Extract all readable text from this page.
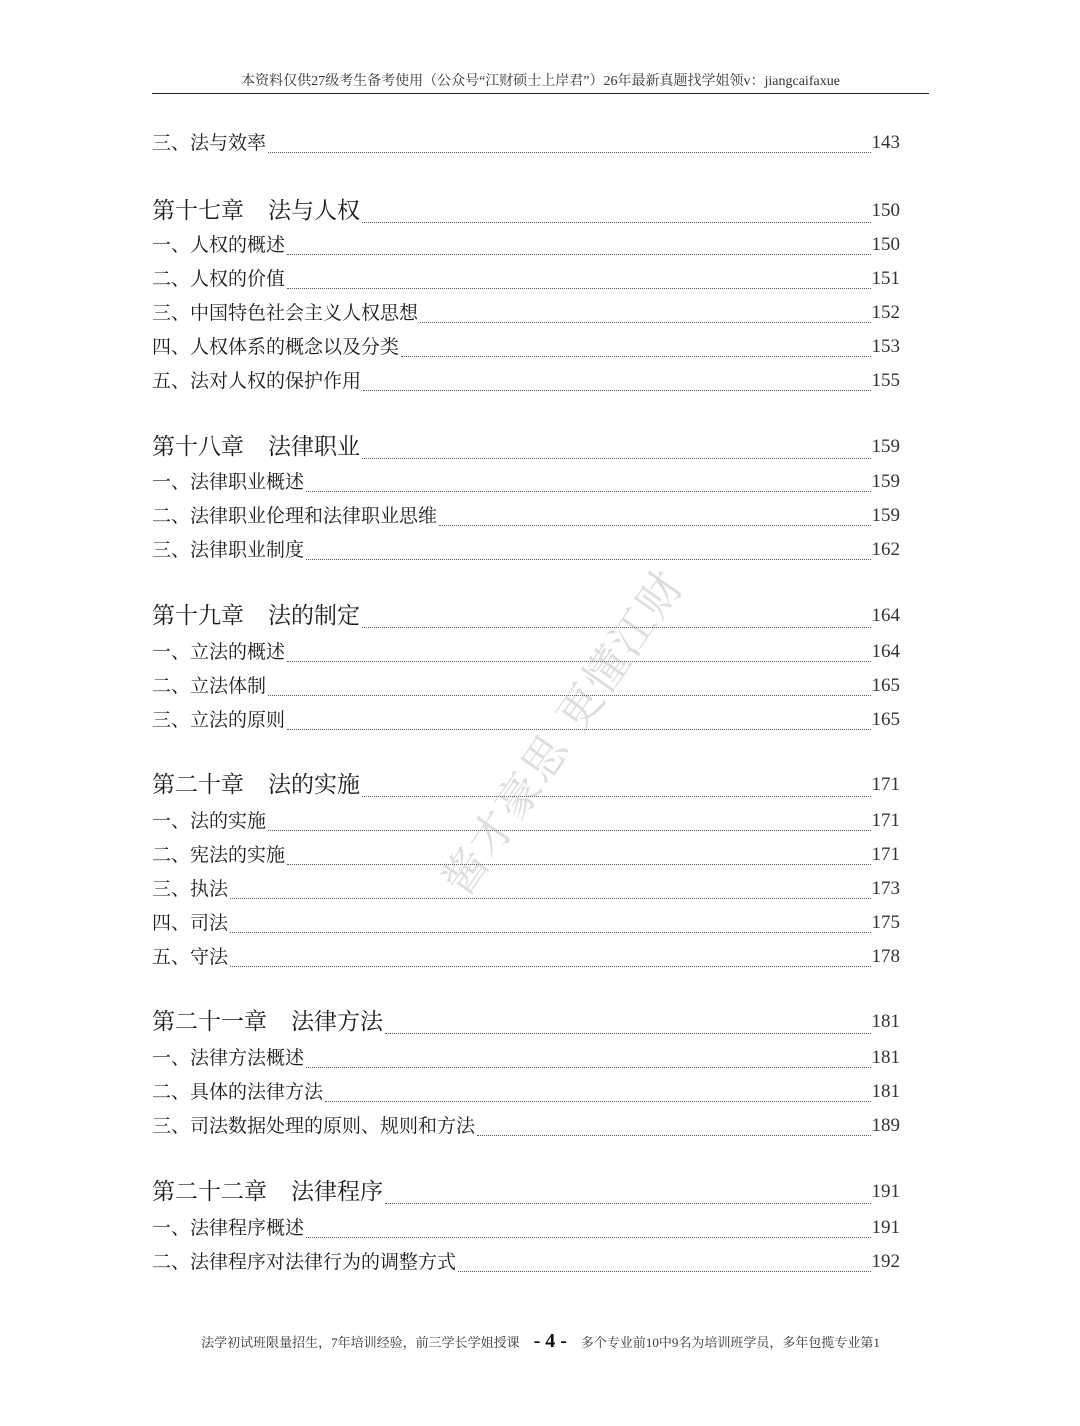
本资料仅供27级考生备考使用（公众号“江财硕士上岸君”）26年最新真题找学姐领v：jiangcaifaxue
三、法与效率	143
第十七章 法与人权	150
一、人权的概述	150
二、人权的价值	151
三、中国特色社会主义人权思想	152
四、人权体系的概念以及分类	153
五、法对人权的保护作用	155
第十八章 法律职业	159
一、法律职业概述	159
二、法律职业伦理和法律职业思维	159
三、法律职业制度	162
第十九章 法的制定	164
一、立法的概述	164
二、立法体制	165
三、立法的原则	165
第二十章 法的实施	171
一、法的实施	171
二、宪法的实施	171
三、执法	173
四、司法	175
五、守法	178
第二十一章 法律方法	181
一、法律方法概述	181
二、具体的法律方法	181
三、司法数据处理的原则、规则和方法	189
第二十二章 法律程序	191
一、法律程序概述	191
二、法律程序对法律行为的调整方式	192
酱才豪思 更懂江财
法学初试班限量招生，7年培训经验，前三学长学姐授课 - 4 - 多个专业前10中9名为培训班学员，多年包揽专业第1
